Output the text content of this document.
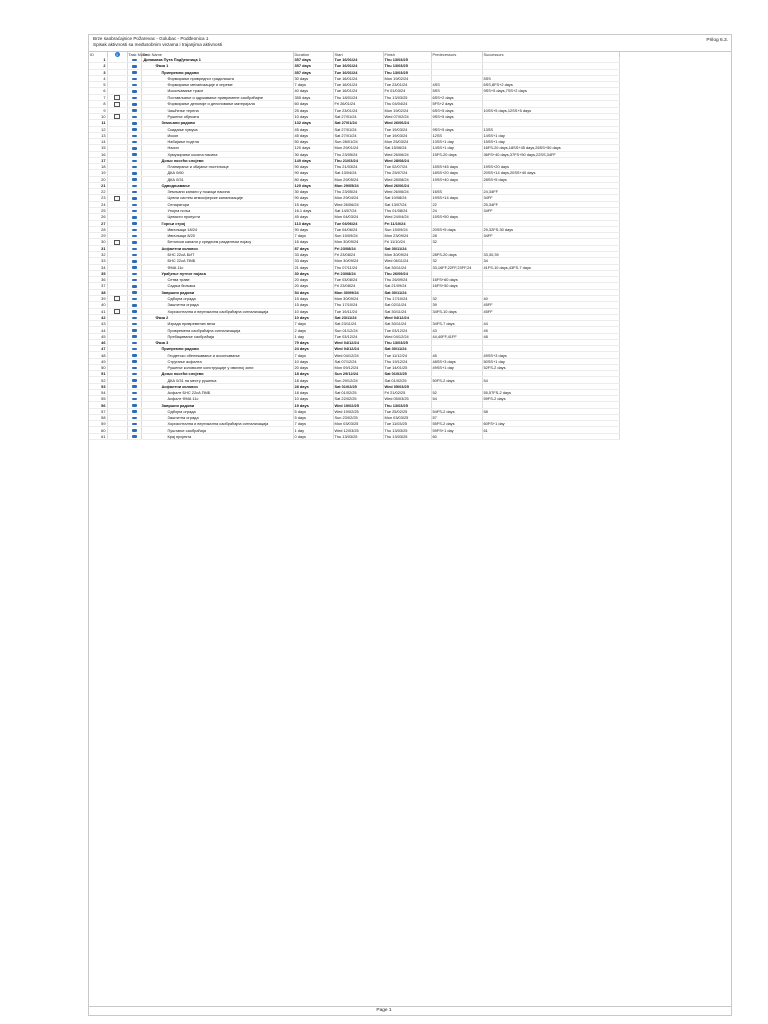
Brze saobraćajnice Požarevac - Golubac - Podđeonica 1
Spisak aktivnosti sa međusobnim vezama i trajanjima aktivnosti
Prilog 6.3.
ID	i	Task Mode	Task Name	Duration	Start	Finish	Predecessors	Successors
1			Динамика Пута Подђеоница 1	357 days	Tue 16/01/24	Thu 13/03/25		
2			Фаза 1	357 days	Tue 16/01/24	Thu 13/03/25		
3			Припремни радови	357 days	Tue 16/01/24	Thu 13/03/25		
4			Формирање привредног градилишта	30 days	Tue 16/01/24	Mon 19/02/24		5SS
5			Формирање механизације и опреме	7 days	Tue 16/01/24	Tue 23/01/24	4SS	6SS,8FS+2 days
6			Исколчавање трасе	40 days	Tue 16/01/24	Fri 01/03/24	5SS	9SS+5 days,7SS+2 days
7			Постављање и одржавање привремене саобраћајне	355 days	Thu 18/01/24	Thu 13/03/25	6SS+2 days	
8			Формирање депоније и депоновање материјала	60 days	Fri 26/01/24	Thu 04/04/24	5FS+2 days	
9			Чишћење терена	25 days	Tue 23/01/24	Mon 19/02/24	6SS+5 days	10SS+5 days,12SS+5 days
10			Рушење објеката	10 days	Sat 27/01/24	Wed 07/02/24	9SS+5 days	
11			Земљани радови	132 days	Sat 27/01/24	Wed 26/06/24		
12			Скидање хумуса	45 days	Sat 27/01/24	Tue 19/03/24	9SS+5 days	13SS
13			Ископ	45 days	Sat 27/01/24	Tue 19/03/24	12SS	14SS+1 day
14			Набијање подтла	50 days	Sun 28/01/24	Mon 25/03/24	13SS+1 day	15SS+1 day
15			Насип	120 days	Mon 29/01/24	Sat 15/06/24	14SS+1 day	16FS-20 days,18SS+45 days,26SS+50 days
16			Хумузирање косина насипа	30 days	Thu 23/05/24	Wed 26/06/24	15FS-20 days	36FS+40 days,37FS+50 days,22SS,34FF
17			Доњи носећи слојеви	140 days	Thu 21/03/24	Wed 28/08/24		
18			Планирање и збијање постељице	90 days	Thu 21/03/24	Tue 02/07/24	15SS+45 days	19SS+20 days
19			ДКА 0/60	90 days	Sat 13/04/24	Thu 25/07/24	18SS+20 days	20SS+14 days,20SS+40 days
20			ДКА 0/31	80 days	Mon 29/05/24	Wed 28/08/24	19SS+40 days	28SS+5 days
21			Одводњавање	120 days	Mon 29/05/24	Wed 26/06/24		
22			Земљани канали у ножици насипа	30 days	Thu 23/05/24	Wed 26/06/24	16SS	24,34FF
23			Цевни систем атмосферске канализације	90 days	Mon 29/04/24	Sat 10/08/24	19SS+14 days	34FF
24			Сепаратори	15 days	Wed 26/06/24	Sat 13/07/24	22	25,34FF
25			Упојна поља	16.1 days	Sat 14/07/24	Thu 01/08/24	24	34FF
26			Цевасти пропусти	45 days	Mon 04/03/24	Wed 24/04/24	15SS+50 days	
27			Горњи строј	113 days	Tue 04/06/24	Fri 11/10/24		
28			Ивичњаци 18/24	90 days	Tue 04/06/24	Sun 15/09/24	20SS+5 days	29,32FS-30 days
29			Ивичњаци 8/20	7 days	Sun 15/09/24	Mon 23/09/24	28	34FF
30			Бетонски канали у средњем разделном појасу	16 days	Mon 30/09/24	Fri 11/10/24	32	
31			Асфалтни коловоз	87 days	Fri 23/08/24	Sat 30/11/24		
32			БНС 22сА БИТ	33 days	Fri 23/08/24	Mon 30/09/24	28FS-20 days	33,30,39
33			БНС 22сА ПМБ	33 days	Mon 30/09/24	Wed 06/11/24	32	34
34			ФМА 11с	21 days	Thu 07/11/24	Sat 30/11/24	33,16FF,22FF,23FF,24	41FS-10 days,43FS-7 days
35			Урађење путног појаса	30 days	Fri 23/08/24	Thu 26/09/24		
36			Сетва траве	20 days	Tue 03/08/24	Thu 26/09/24	16FS+60 days	
37			Садња биљака	20 days	Fri 23/08/24	Sat 21/09/24	16FS+50 days	
38			Завршни радови	54 days	Mon 30/09/24	Sat 30/11/24		
39			Одбојна ограда	15 days	Mon 30/09/24	Thu 17/10/24	32	40
40			Заштитна ограда	15 days	Thu 17/10/24	Sat 02/11/24	39	45FF
41			Хоризонтална и вертикална саобраћајна сигнализација	10 days	Tue 19/11/24	Sat 30/11/24	34FS-10 days	45FF
42			Фаза 2	10 days	Sat 23/11/24	Wed 04/12/24		
43			Израда привремених веза	7 days	Sat 23/11/24	Sat 30/11/24	34FS-7 days	44
44			Привремена саобраћајна сигнализација	2 days	Sun 01/12/24	Tue 03/12/24	43	45
45			Пребацивање саобраћаја	1 day	Tue 03/12/24	Wed 04/12/24	44,40FF,41FF	48
46			Фаза 3	79 days	Wed 04/12/24	Thu 13/03/25		
47			Припремни радови	24 days	Wed 04/12/24	Sat 30/11/24		
48			Геодетско обележавање и исколчавање	7 days	Wed 04/12/24	Tue 11/12/24	45	49SS+3 days
49			Стругање асфалта	10 days	Sat 07/12/24	Thu 19/12/24	48SS+3 days	50SS+1 day
50			Рушење коловозне конструкције у ивичној зони	20 days	Mon 09/12/24	Tue 14/01/25	49SS+1 day	52FS-2 days
51			Доњи носећи слојеви	18 days	Sun 29/12/24	Sat 01/02/25		
52			ДКА 0/31 на месту рушења	18 days	Sun 29/12/24	Sat 01/02/25	50FS-2 days	54
53			Асфалтни коловоз	28 days	Sat 01/02/25	Wed 05/03/25		
54			Асфалт БНС 22сА ПМБ	18 days	Sat 01/02/25	Fri 21/02/25	52	55,57FS-2 days
55			Асфалт ФМА 11с	10 days	Sat 22/02/25	Wed 05/03/25	54	59FS-2 days
56			Завршни радови	19 days	Wed 19/02/25	Thu 13/03/25		
57			Одбојна ограда	5 days	Wed 19/02/25	Tue 25/02/25	54FS-2 days	58
58			Заштитна ограда	5 days	Sun 23/02/25	Mon 03/03/25	57	
59			Хоризонтална и вертикална саобраћајна сигнализација	7 days	Mon 03/03/25	Tue 11/03/25	55FS-2 days	60FS+1 day
60			Пуштање саобраћаја	1 day	Wed 12/03/25	Thu 13/03/25	59FS+1 day	61
61			Крај пројекта	0 days	Thu 13/03/25	Thu 13/03/25	60	
Page 1
